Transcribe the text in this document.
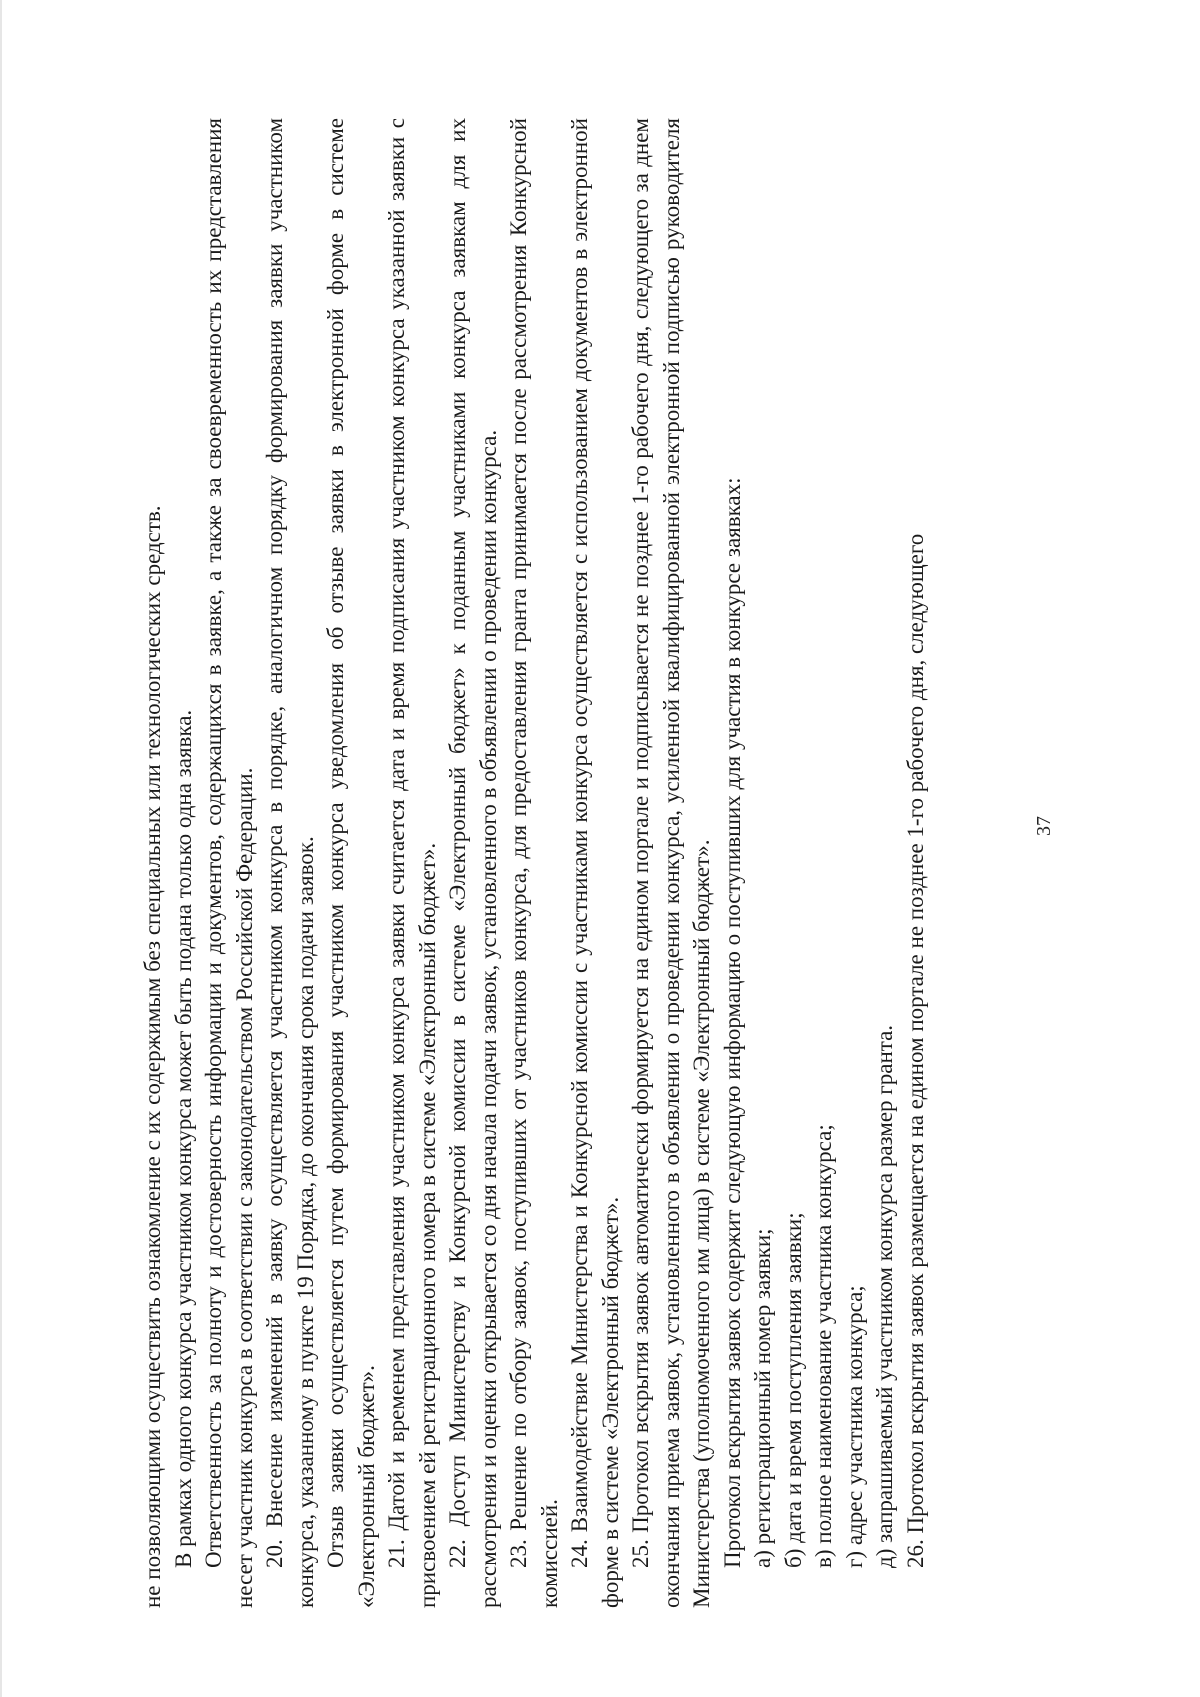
37

не позволяющими осуществить ознакомление с их содержимым без специальных или технологических средств. В рамках одного конкурса участником конкурса может быть подана только одна заявка. Ответственность за полноту и достоверность информации и документов, содержащихся в заявке, а также за своевременность их представления несет участник конкурса в соответствии с законодательством Российской Федерации. 20. Внесение изменений в заявку осуществляется участником конкурса в порядке, аналогичном порядку формирования заявки участником конкурса, указанному в пункте 19 Порядка, до окончания срока подачи заявок. Отзыв заявки осуществляется путем формирования участником конкурса уведомления об отзыве заявки в электронной форме в системе «Электронный бюджет». 21. Датой и временем представления участником конкурса заявки считается дата и время подписания участником конкурса указанной заявки с присвоением ей регистрационного номера в системе «Электронный бюджет». 22. Доступ Министерству и Конкурсной комиссии в системе «Электронный бюджет» к поданным участниками конкурса заявкам для их рассмотрения и оценки открывается со дня начала подачи заявок, установленного в объявлении о проведении конкурса. 23. Решение по отбору заявок, поступивших от участников конкурса, для предоставления гранта принимается после рассмотрения Конкурсной комиссией. 24. Взаимодействие Министерства и Конкурсной комиссии с участниками конкурса осуществляется с использованием документов в электронной форме в системе «Электронный бюджет». 25. Протокол вскрытия заявок автоматически формируется на едином портале и подписывается не позднее 1-го рабочего дня, следующего за днем окончания приема заявок, установленного в объявлении о проведении конкурса, усиленной квалифицированной электронной подписью руководителя Министерства (уполномоченного им лица) в системе «Электронный бюджет». Протокол вскрытия заявок содержит следующую информацию о поступивших для участия в конкурсе заявках: а) регистрационный номер заявки; б) дата и время поступления заявки; в) полное наименование участника конкурса; г) адрес участника конкурса; д) запрашиваемый участником конкурса размер гранта. 26. Протокол вскрытия заявок размещается на едином портале не позднее 1-го рабочего дня, следующего
